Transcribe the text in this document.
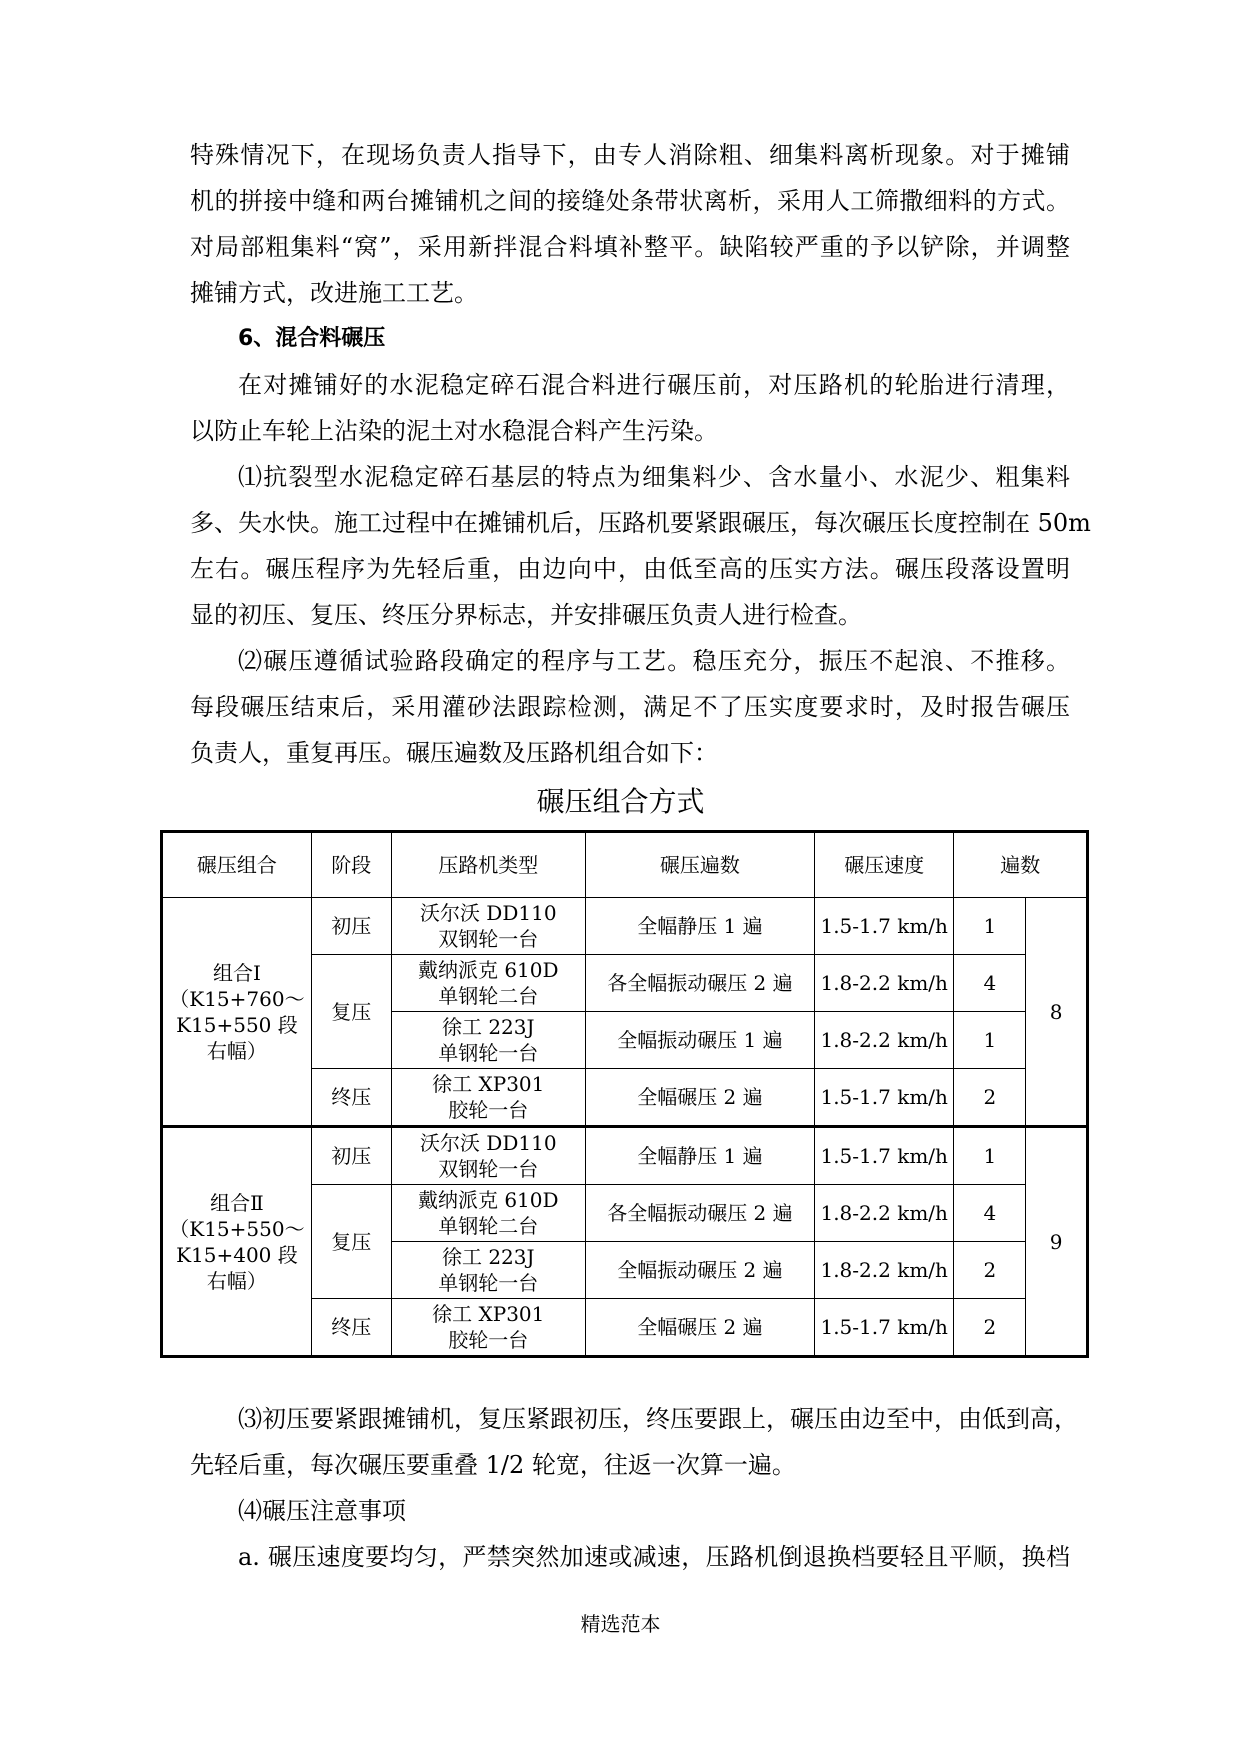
特殊情况下，在现场负责人指导下，由专人消除粗、细集料离析现象。对于摊铺
机的拼接中缝和两台摊铺机之间的接缝处条带状离析，采用人工筛撒细料的方式。
对局部粗集料“窝”，采用新拌混合料填补整平。缺陷较严重的予以铲除，并调整
摊铺方式，改进施工工艺。
6、混合料碾压
在对摊铺好的水泥稳定碎石混合料进行碾压前，对压路机的轮胎进行清理，
以防止车轮上沾染的泥土对水稳混合料产生污染。
⑴抗裂型水泥稳定碎石基层的特点为细集料少、含水量小、水泥少、粗集料
多、失水快。施工过程中在摊铺机后，压路机要紧跟碾压，每次碾压长度控制在 50m
左右。碾压程序为先轻后重，由边向中，由低至高的压实方法。碾压段落设置明
显的初压、复压、终压分界标志，并安排碾压负责人进行检查。
⑵碾压遵循试验路段确定的程序与工艺。稳压充分，振压不起浪、不推移。
每段碾压结束后，采用灌砂法跟踪检测，满足不了压实度要求时，及时报告碾压
负责人，重复再压。碾压遍数及压路机组合如下：
碾压组合方式
碾压组合	阶段	压路机类型	碾压遍数	碾压速度	遍数	
组合Ⅰ
（K15+760～
K15+550 段
右幅）	初压	沃尔沃 DD110
双钢轮一台	全幅静压 1 遍	1.5-1.7 km/h	1	8
	复压	戴纳派克 610D
单钢轮二台	各全幅振动碾压 2 遍	1.8-2.2 km/h	4	
		徐工 223J
单钢轮一台	全幅振动碾压 1 遍	1.8-2.2 km/h	1	
	终压	徐工 XP301
胶轮一台	全幅碾压 2 遍	1.5-1.7 km/h	2	
组合Ⅱ
（K15+550～
K15+400 段
右幅）	初压	沃尔沃 DD110
双钢轮一台	全幅静压 1 遍	1.5-1.7 km/h	1	9
	复压	戴纳派克 610D
单钢轮二台	各全幅振动碾压 2 遍	1.8-2.2 km/h	4	
		徐工 223J
单钢轮一台	全幅振动碾压 2 遍	1.8-2.2 km/h	2	
	终压	徐工 XP301
胶轮一台	全幅碾压 2 遍	1.5-1.7 km/h	2	
⑶初压要紧跟摊铺机，复压紧跟初压，终压要跟上，碾压由边至中，由低到高，
先轻后重，每次碾压要重叠 1/2 轮宽，往返一次算一遍。
⑷碾压注意事项
a. 碾压速度要均匀，严禁突然加速或减速，压路机倒退换档要轻且平顺，换档
精选范本
